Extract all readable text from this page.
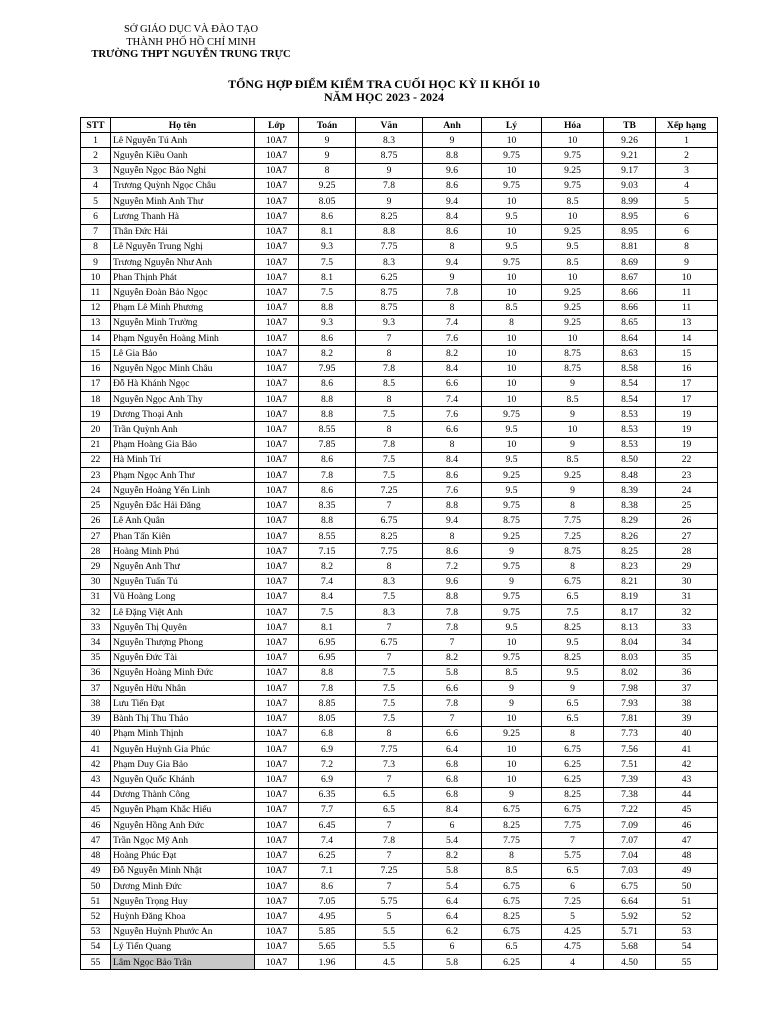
SỞ GIÁO DỤC VÀ ĐÀO TẠO
THÀNH PHỐ HỒ CHÍ MINH
TRƯỜNG THPT NGUYỄN TRUNG TRỰC
TỔNG HỢP ĐIỂM KIỂM TRA CUỐI HỌC KỲ II KHỐI 10
NĂM HỌC 2023 - 2024
STT	Họ tên	Lớp	Toán	Văn	Anh	Lý	Hóa	TB	Xếp hạng
1	Lê Nguyễn Tú Anh	10A7	9	8.3	9	10	10	9.26	1
2	Nguyễn Kiều Oanh	10A7	9	8.75	8.8	9.75	9.75	9.21	2
3	Nguyễn Ngọc Bảo Nghi	10A7	8	9	9.6	10	9.25	9.17	3
4	Trương Quỳnh Ngọc Châu	10A7	9.25	7.8	8.6	9.75	9.75	9.03	4
5	Nguyễn Minh Anh Thư	10A7	8.05	9	9.4	10	8.5	8.99	5
6	Lương Thanh Hà	10A7	8.6	8.25	8.4	9.5	10	8.95	6
7	Thân Đức Hải	10A7	8.1	8.8	8.6	10	9.25	8.95	6
8	Lê Nguyễn Trung Nghị	10A7	9.3	7.75	8	9.5	9.5	8.81	8
9	Trương Nguyễn Như Anh	10A7	7.5	8.3	9.4	9.75	8.5	8.69	9
10	Phan Thịnh Phát	10A7	8.1	6.25	9	10	10	8.67	10
11	Nguyễn Đoàn Bảo Ngọc	10A7	7.5	8.75	7.8	10	9.25	8.66	11
12	Phạm Lê Minh Phương	10A7	8.8	8.75	8	8.5	9.25	8.66	11
13	Nguyễn Minh Trường	10A7	9.3	9.3	7.4	8	9.25	8.65	13
14	Phạm Nguyễn Hoàng Minh	10A7	8.6	7	7.6	10	10	8.64	14
15	Lê Gia Bảo	10A7	8.2	8	8.2	10	8.75	8.63	15
16	Nguyễn Ngọc Minh Châu	10A7	7.95	7.8	8.4	10	8.75	8.58	16
17	Đỗ Hà Khánh Ngọc	10A7	8.6	8.5	6.6	10	9	8.54	17
18	Nguyễn Ngọc Anh Thy	10A7	8.8	8	7.4	10	8.5	8.54	17
19	Dương Thoại Anh	10A7	8.8	7.5	7.6	9.75	9	8.53	19
20	Trần Quỳnh Anh	10A7	8.55	8	6.6	9.5	10	8.53	19
21	Phạm Hoàng Gia Bảo	10A7	7.85	7.8	8	10	9	8.53	19
22	Hà Minh Trí	10A7	8.6	7.5	8.4	9.5	8.5	8.50	22
23	Phạm Ngọc Anh Thư	10A7	7.8	7.5	8.6	9.25	9.25	8.48	23
24	Nguyễn Hoàng Yến Linh	10A7	8.6	7.25	7.6	9.5	9	8.39	24
25	Nguyễn Đắc Hải Đăng	10A7	8.35	7	8.8	9.75	8	8.38	25
26	Lê Anh Quân	10A7	8.8	6.75	9.4	8.75	7.75	8.29	26
27	Phan Tấn Kiên	10A7	8.55	8.25	8	9.25	7.25	8.26	27
28	Hoàng Minh Phú	10A7	7.15	7.75	8.6	9	8.75	8.25	28
29	Nguyễn Anh Thư	10A7	8.2	8	7.2	9.75	8	8.23	29
30	Nguyễn Tuấn Tú	10A7	7.4	8.3	9.6	9	6.75	8.21	30
31	Vũ Hoàng Long	10A7	8.4	7.5	8.8	9.75	6.5	8.19	31
32	Lê Đặng Việt Anh	10A7	7.5	8.3	7.8	9.75	7.5	8.17	32
33	Nguyễn Thị Quyên	10A7	8.1	7	7.8	9.5	8.25	8.13	33
34	Nguyễn Thượng Phong	10A7	6.95	6.75	7	10	9.5	8.04	34
35	Nguyễn Đức Tài	10A7	6.95	7	8.2	9.75	8.25	8.03	35
36	Nguyễn Hoàng Minh Đức	10A7	8.8	7.5	5.8	8.5	9.5	8.02	36
37	Nguyễn Hữu Nhân	10A7	7.8	7.5	6.6	9	9	7.98	37
38	Lưu Tiến Đạt	10A7	8.85	7.5	7.8	9	6.5	7.93	38
39	Bành Thị Thu Thảo	10A7	8.05	7.5	7	10	6.5	7.81	39
40	Phạm Minh Thịnh	10A7	6.8	8	6.6	9.25	8	7.73	40
41	Nguyễn Huỳnh Gia Phúc	10A7	6.9	7.75	6.4	10	6.75	7.56	41
42	Phạm Duy Gia Bảo	10A7	7.2	7.3	6.8	10	6.25	7.51	42
43	Nguyễn Quốc Khánh	10A7	6.9	7	6.8	10	6.25	7.39	43
44	Dương Thành Công	10A7	6.35	6.5	6.8	9	8.25	7.38	44
45	Nguyễn Phạm Khắc Hiếu	10A7	7.7	6.5	8.4	6.75	6.75	7.22	45
46	Nguyễn Hồng Anh Đức	10A7	6.45	7	6	8.25	7.75	7.09	46
47	Trần Ngọc Mỹ Anh	10A7	7.4	7.8	5.4	7.75	7	7.07	47
48	Hoàng Phúc Đạt	10A7	6.25	7	8.2	8	5.75	7.04	48
49	Đỗ Nguyễn Minh Nhật	10A7	7.1	7.25	5.8	8.5	6.5	7.03	49
50	Dương Minh Đức	10A7	8.6	7	5.4	6.75	6	6.75	50
51	Nguyễn Trọng Huy	10A7	7.05	5.75	6.4	6.75	7.25	6.64	51
52	Huỳnh Đăng Khoa	10A7	4.95	5	6.4	8.25	5	5.92	52
53	Nguyễn Huỳnh Phước An	10A7	5.85	5.5	6.2	6.75	4.25	5.71	53
54	Lý Tiến Quang	10A7	5.65	5.5	6	6.5	4.75	5.68	54
55	Lâm Ngọc Bảo Trân	10A7	1.96	4.5	5.8	6.25	4	4.50	55
